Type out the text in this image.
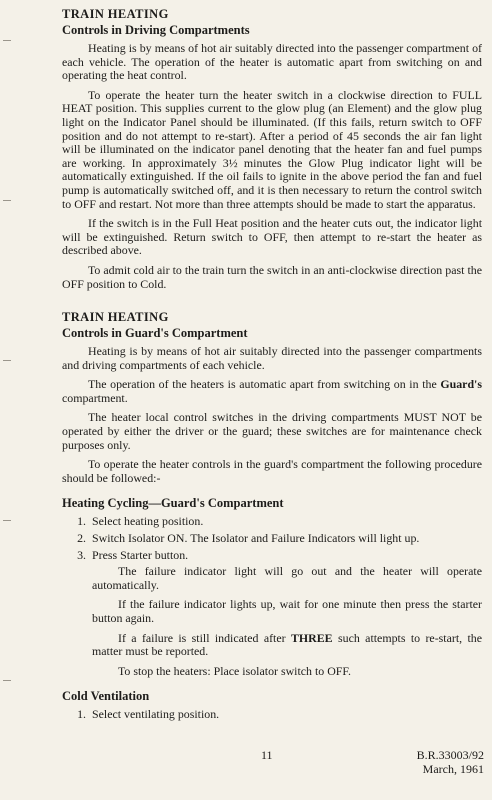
TRAIN HEATING
Controls in Driving Compartments

Heating is by means of hot air suitably directed into the passenger compartment of each vehicle. The operation of the heater is automatic apart from switching on and operating the heat control.

To operate the heater turn the heater switch in a clockwise direction to FULL HEAT position. This supplies current to the glow plug (an Element) and the glow plug light on the Indicator Panel should be illuminated. (If this fails, return switch to OFF position and do not attempt to re-start). After a period of 45 seconds the air fan light will be illuminated on the indicator panel denoting that the heater fan and fuel pumps are working. In approximately 3½ minutes the Glow Plug indicator light will be automatically extinguished. If the oil fails to ignite in the above period the fan and fuel pump is automatically switched off, and it is then necessary to return the control switch to OFF and restart. Not more than three attempts should be made to start the apparatus.

If the switch is in the Full Heat position and the heater cuts out, the indicator light will be extinguished. Return switch to OFF, then attempt to re-start the heater as described above.

To admit cold air to the train turn the switch in an anti-clockwise direction past the OFF position to Cold.

TRAIN HEATING
Controls in Guard's Compartment

Heating is by means of hot air suitably directed into the passenger compartments and driving compartments of each vehicle.

The operation of the heaters is automatic apart from switching on in the Guard's compartment.

The heater local control switches in the driving compartments MUST NOT be operated by either the driver or the guard; these switches are for maintenance check purposes only.

To operate the heater controls in the guard's compartment the following procedure should be followed:-

Heating Cycling—Guard's Compartment
1. Select heating position.
2. Switch Isolator ON. The Isolator and Failure Indicators will light up.
3. Press Starter button.

The failure indicator light will go out and the heater will operate automatically.

If the failure indicator lights up, wait for one minute then press the starter button again.

If a failure is still indicated after THREE such attempts to re-start, the matter must be reported.

To stop the heaters: Place isolator switch to OFF.

Cold Ventilation
1. Select ventilating position.
11	B.R.33003/92
March, 1961
